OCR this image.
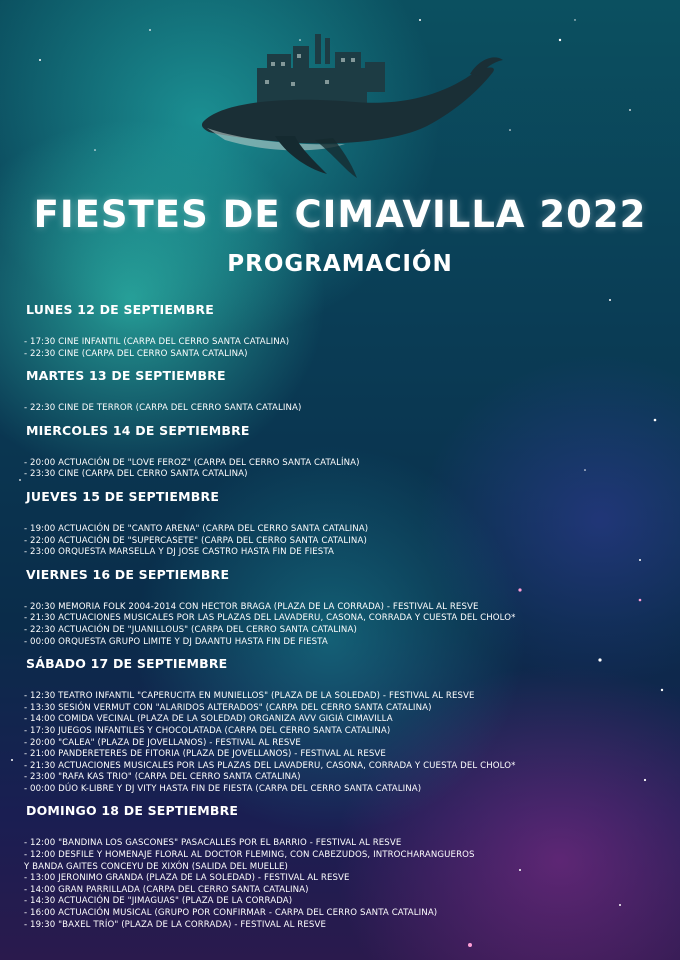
FIESTES DE CIMAVILLA 2022
PROGRAMACIÓN
LUNES 12 DE SEPTIEMBRE
- 17:30 CINE INFANTIL (CARPA DEL CERRO SANTA CATALINA)
- 22:30 CINE (CARPA DEL CERRO SANTA CATALINA)
MARTES 13 DE SEPTIEMBRE
- 22:30 CINE DE TERROR (CARPA DEL CERRO SANTA CATALINA)
MIERCOLES 14 DE SEPTIEMBRE
- 20:00 ACTUACIÓN DE "LOVE FEROZ" (CARPA DEL CERRO SANTA CATALÍNA)
- 23:30 CINE (CARPA DEL CERRO SANTA CATALINA)
JUEVES 15 DE SEPTIEMBRE
- 19:00 ACTUACIÓN DE "CANTO ARENA" (CARPA DEL CERRO SANTA CATALINA)
- 22:00 ACTUACIÓN DE "SUPERCASETE" (CARPA DEL CERRO SANTA CATALINA)
- 23:00 ORQUESTA MARSELLA Y DJ JOSE CASTRO HASTA FIN DE FIESTA
VIERNES 16 DE SEPTIEMBRE
- 20:30 MEMORIA FOLK 2004-2014 CON HECTOR BRAGA (PLAZA DE LA CORRADA) - FESTIVAL AL RESVE
- 21:30 ACTUACIONES MUSICALES POR LAS PLAZAS DEL LAVADERU, CASONA, CORRADA Y CUESTA DEL CHOLO*
- 22:30 ACTUACIÓN DE "JUANILLOUS" (CARPA DEL CERRO SANTA CATALINA)
- 00:00 ORQUESTA GRUPO LIMITE Y DJ DAANTU HASTA FIN DE FIESTA
SÁBADO 17 DE SEPTIEMBRE
- 12:30 TEATRO INFANTIL "CAPERUCITA EN MUNIELLOS" (PLAZA DE LA SOLEDAD) - FESTIVAL AL RESVE
- 13:30 SESIÓN VERMUT CON "ALARIDOS ALTERADOS" (CARPA DEL CERRO SANTA CATALINA)
- 14:00 COMIDA VECINAL (PLAZA DE LA SOLEDAD) ORGANIZA AVV GIGIÁ CIMAVILLA
- 17:30 JUEGOS INFANTILES Y CHOCOLATADA (CARPA DEL CERRO SANTA CATALINA)
- 20:00 "CALEA" (PLAZA DE JOVELLANOS) - FESTIVAL AL RESVE
- 21:00 PANDERETERES DE FITORIA (PLAZA DE JOVELLANOS) - FESTIVAL AL RESVE
- 21:30 ACTUACIONES MUSICALES POR LAS PLAZAS DEL LAVADERU, CASONA, CORRADA Y CUESTA DEL CHOLO*
- 23:00 "RAFA KAS TRIO" (CARPA DEL CERRO SANTA CATALINA)
- 00:00 DÚO K-LIBRE Y DJ VITY HASTA FIN DE FIESTA (CARPA DEL CERRO SANTA CATALINA)
DOMINGO 18 DE SEPTIEMBRE
- 12:00 "BANDINA LOS GASCONES" PASACALLES POR EL BARRIO - FESTIVAL AL RESVE
- 12:00 DESFILE Y HOMENAJE FLORAL AL DOCTOR FLEMING, CON CABEZUDOS, INTROCHARANGUEROS
Y BANDA GAITES CONCEYU DE XIXÓN (SALIDA DEL MUELLE)
- 13:00 JERONIMO GRANDA (PLAZA DE LA SOLEDAD) - FESTIVAL AL RESVE
- 14:00 GRAN PARRILLADA (CARPA DEL CERRO SANTA CATALINA)
- 14:30 ACTUACIÓN DE "JIMAGUAS" (PLAZA DE LA CORRADA)
- 16:00 ACTUACIÓN MUSICAL (GRUPO POR CONFIRMAR - CARPA DEL CERRO SANTA CATALINA)
- 19:30 "BAXEL TRÍO" (PLAZA DE LA CORRADA) - FESTIVAL AL RESVE
